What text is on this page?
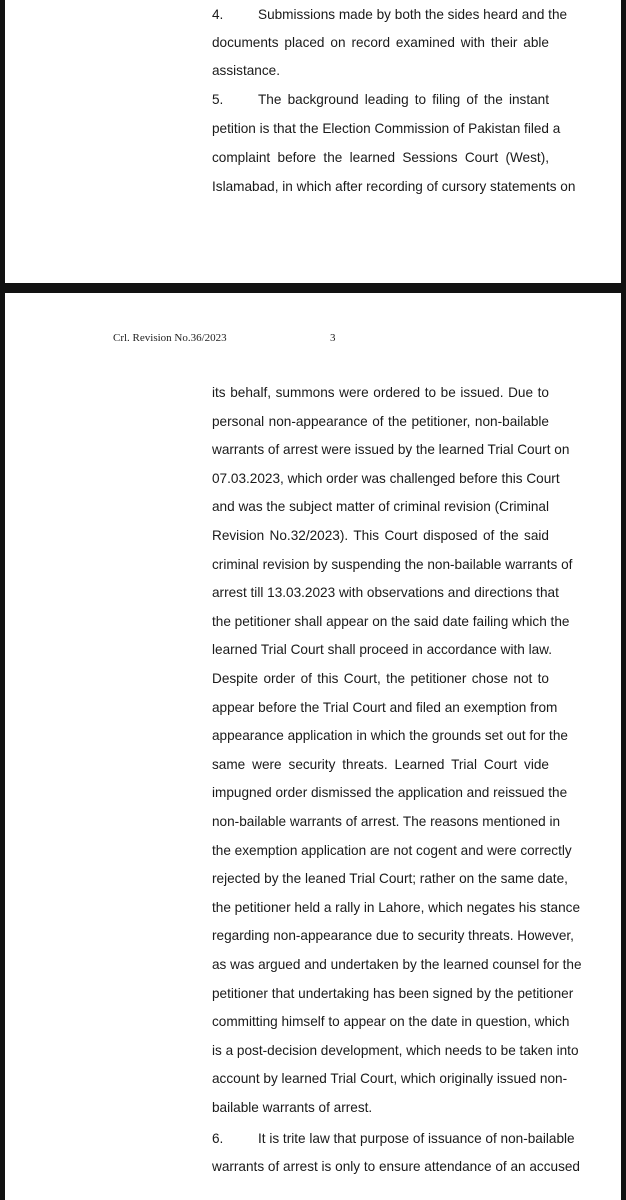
4.	Submissions made by both the sides heard and the
documents placed on record examined with their able
assistance.
5.	The background leading to filing of the instant
petition is that the Election Commission of Pakistan filed a
complaint before the learned Sessions Court (West),
Islamabad, in which after recording of cursory statements on
Crl. Revision No.36/2023	3
its behalf, summons were ordered to be issued. Due to
personal non-appearance of the petitioner, non-bailable
warrants of arrest were issued by the learned Trial Court on
07.03.2023, which order was challenged before this Court
and was the subject matter of criminal revision (Criminal
Revision No.32/2023). This Court disposed of the said
criminal revision by suspending the non-bailable warrants of
arrest till 13.03.2023 with observations and directions that
the petitioner shall appear on the said date failing which the
learned Trial Court shall proceed in accordance with law.
Despite order of this Court, the petitioner chose not to
appear before the Trial Court and filed an exemption from
appearance application in which the grounds set out for the
same were security threats. Learned Trial Court vide
impugned order dismissed the application and reissued the
non-bailable warrants of arrest. The reasons mentioned in
the exemption application are not cogent and were correctly
rejected by the leaned Trial Court; rather on the same date,
the petitioner held a rally in Lahore, which negates his stance
regarding non-appearance due to security threats. However,
as was argued and undertaken by the learned counsel for the
petitioner that undertaking has been signed by the petitioner
committing himself to appear on the date in question, which
is a post-decision development, which needs to be taken into
account by learned Trial Court, which originally issued non-
bailable warrants of arrest.
6.	It is trite law that purpose of issuance of non-bailable
warrants of arrest is only to ensure attendance of an accused
